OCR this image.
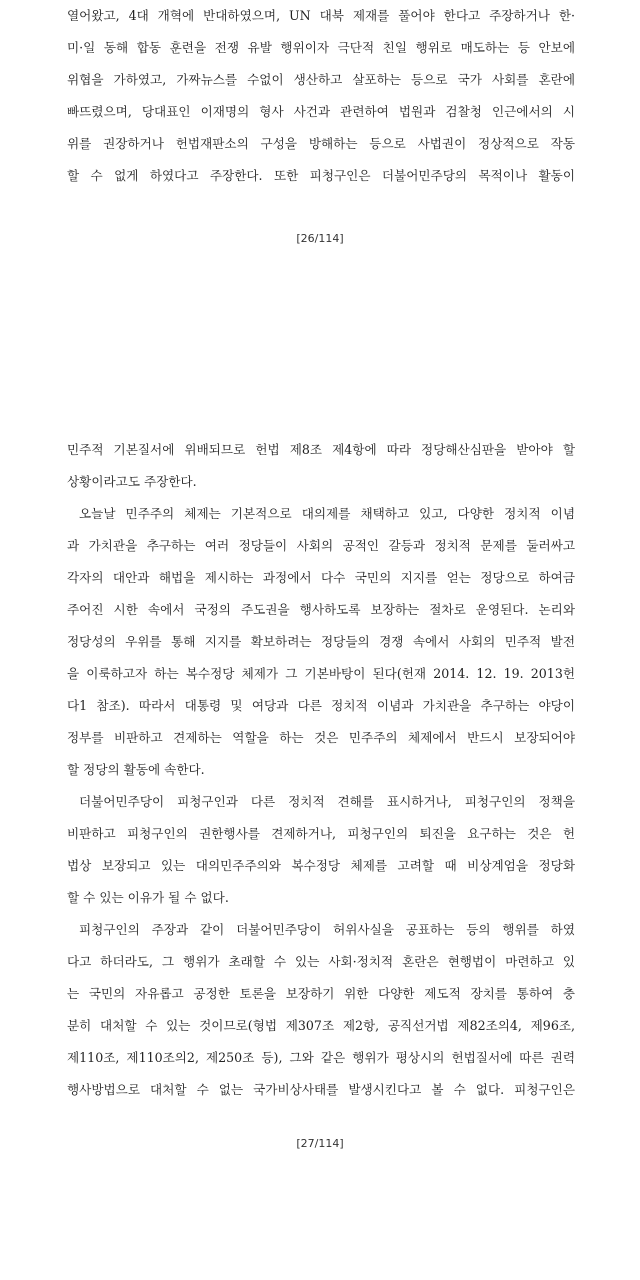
열어왔고, 4대 개혁에 반대하였으며, UN 대북 제재를 풀어야 한다고 주장하거나 한·
미·일 동해 합동 훈련을 전쟁 유발 행위이자 극단적 친일 행위로 매도하는 등 안보에
위협을 가하였고, 가짜뉴스를 수없이 생산하고 살포하는 등으로 국가 사회를 혼란에
빠뜨렸으며, 당대표인 이재명의 형사 사건과 관련하여 법원과 검찰청 인근에서의 시
위를 권장하거나 헌법재판소의 구성을 방해하는 등으로 사법권이 정상적으로 작동
할 수 없게 하였다고 주장한다. 또한 피청구인은 더불어민주당의 목적이나 활동이
[26/114]
민주적 기본질서에 위배되므로 헌법 제8조 제4항에 따라 정당해산심판을 받아야 할
상황이라고도 주장한다.
오늘날 민주주의 체제는 기본적으로 대의제를 채택하고 있고, 다양한 정치적 이념
과 가치관을 추구하는 여러 정당들이 사회의 공적인 갈등과 정치적 문제를 둘러싸고
각자의 대안과 해법을 제시하는 과정에서 다수 국민의 지지를 얻는 정당으로 하여금
주어진 시한 속에서 국정의 주도권을 행사하도록 보장하는 절차로 운영된다. 논리와
정당성의 우위를 통해 지지를 확보하려는 정당들의 경쟁 속에서 사회의 민주적 발전
을 이룩하고자 하는 복수정당 체제가 그 기본바탕이 된다(헌재 2014. 12. 19. 2013헌
다1 참조). 따라서 대통령 및 여당과 다른 정치적 이념과 가치관을 추구하는 야당이
정부를 비판하고 견제하는 역할을 하는 것은 민주주의 체제에서 반드시 보장되어야
할 정당의 활동에 속한다.
더불어민주당이 피청구인과 다른 정치적 견해를 표시하거나, 피청구인의 정책을
비판하고 피청구인의 권한행사를 견제하거나, 피청구인의 퇴진을 요구하는 것은 헌
법상 보장되고 있는 대의민주주의와 복수정당 체제를 고려할 때 비상계엄을 정당화
할 수 있는 이유가 될 수 없다.
피청구인의 주장과 같이 더불어민주당이 허위사실을 공표하는 등의 행위를 하였
다고 하더라도, 그 행위가 초래할 수 있는 사회·정치적 혼란은 현행법이 마련하고 있
는 국민의 자유롭고 공정한 토론을 보장하기 위한 다양한 제도적 장치를 통하여 충
분히 대처할 수 있는 것이므로(형법 제307조 제2항, 공직선거법 제82조의4, 제96조,
제110조, 제110조의2, 제250조 등), 그와 같은 행위가 평상시의 헌법질서에 따른 권력
행사방법으로 대처할 수 없는 국가비상사태를 발생시킨다고 볼 수 없다. 피청구인은
[27/114]
